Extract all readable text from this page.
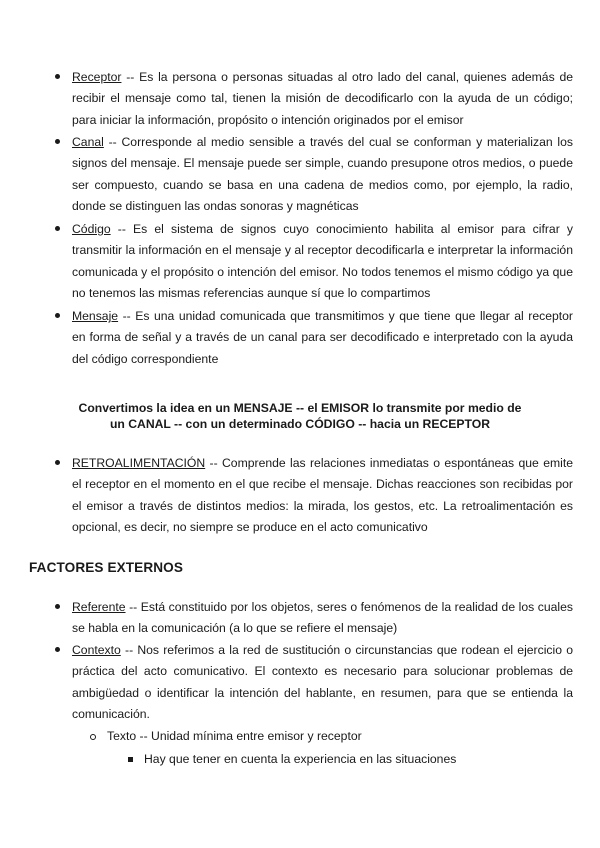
Receptor -- Es la persona o personas situadas al otro lado del canal, quienes además de recibir el mensaje como tal, tienen la misión de decodificarlo con la ayuda de un código; para iniciar la información, propósito o intención originados por el emisor

Canal -- Corresponde al medio sensible a través del cual se conforman y materializan los signos del mensaje. El mensaje puede ser simple, cuando presupone otros medios, o puede ser compuesto, cuando se basa en una cadena de medios como, por ejemplo, la radio, donde se distinguen las ondas sonoras y magnéticas

Código -- Es el sistema de signos cuyo conocimiento habilita al emisor para cifrar y transmitir la información en el mensaje y al receptor decodificarla e interpretar la información comunicada y el propósito o intención del emisor. No todos tenemos el mismo código ya que no tenemos las mismas referencias aunque sí que lo compartimos

Mensaje -- Es una unidad comunicada que transmitimos y que tiene que llegar al receptor en forma de señal y a través de un canal para ser decodificado e interpretado con la ayuda del código correspondiente

Convertimos la idea en un MENSAJE -- el EMISOR lo transmite por medio de
un CANAL -- con un determinado CÓDIGO -- hacia un RECEPTOR

RETROALIMENTACIÓN -- Comprende las relaciones inmediatas o espontáneas que emite el receptor en el momento en el que recibe el mensaje. Dichas reacciones son recibidas por el emisor a través de distintos medios: la mirada, los gestos, etc. La retroalimentación es opcional, es decir, no siempre se produce en el acto comunicativo

FACTORES EXTERNOS

Referente -- Está constituido por los objetos, seres o fenómenos de la realidad de los cuales se habla en la comunicación (a lo que se refiere el mensaje)

Contexto -- Nos referimos a la red de sustitución o circunstancias que rodean el ejercicio o práctica del acto comunicativo. El contexto es necesario para solucionar problemas de ambigüedad o identificar la intención del hablante, en resumen, para que se entienda la comunicación.

Texto -- Unidad mínima entre emisor y receptor
Hay que tener en cuenta la experiencia en las situaciones
